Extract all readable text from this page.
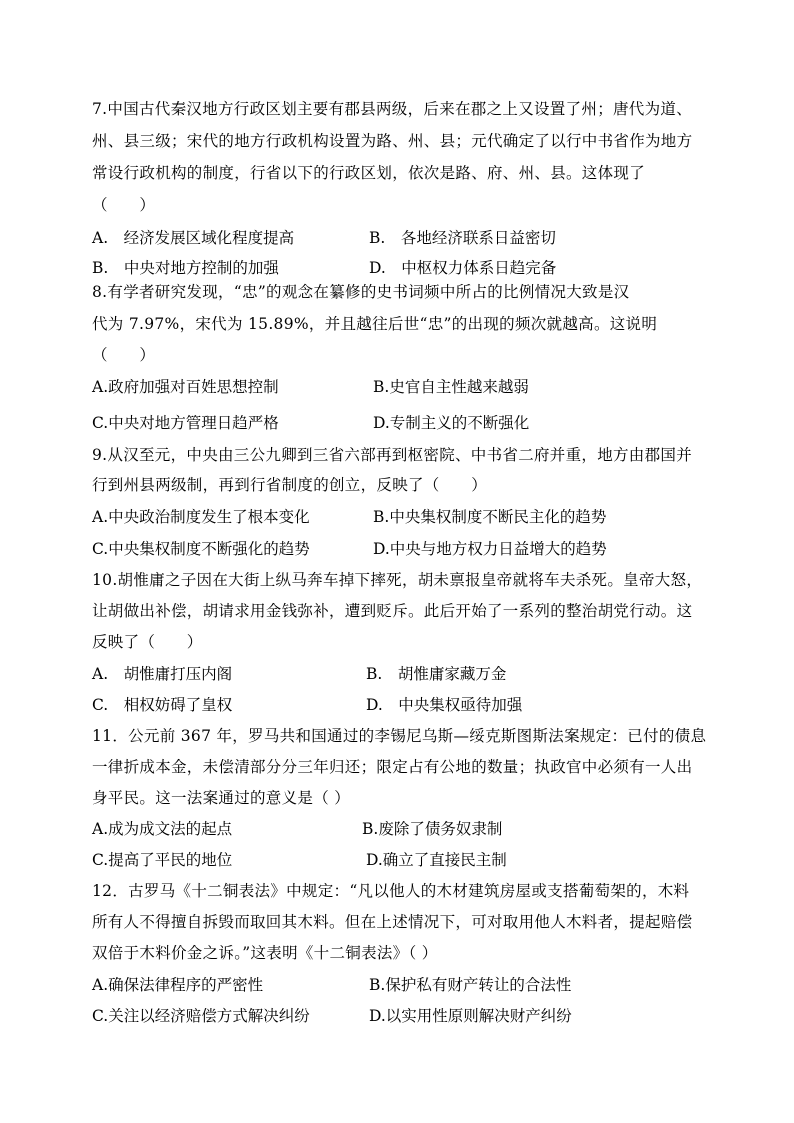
7.中国古代秦汉地方行政区划主要有郡县两级，后来在郡之上又设置了州；唐代为道、
州、县三级；宋代的地方行政机构设置为路、州、县；元代确定了以行中书省作为地方
常设行政机构的制度，行省以下的行政区划，依次是路、府、州、县。这体现了
（　　）
A.　经济发展区域化程度提高	B.　各地经济联系日益密切
B.　中央对地方控制的加强	D.　中枢权力体系日趋完备
8.有学者研究发现，“忠”的观念在纂修的史书词频中所占的比例情况大致是汉
代为 7.97%，宋代为 15.89%，并且越往后世“忠”的出现的频次就越高。这说明
（　　）
A.政府加强对百姓思想控制	B.史官自主性越来越弱
C.中央对地方管理日趋严格	D.专制主义的不断强化
9.从汉至元，中央由三公九卿到三省六部再到枢密院、中书省二府并重，地方由郡国并
行到州县两级制，再到行省制度的创立，反映了（　　）
A.中央政治制度发生了根本变化	B.中央集权制度不断民主化的趋势
C.中央集权制度不断强化的趋势	D.中央与地方权力日益增大的趋势
10.胡惟庸之子因在大街上纵马奔车掉下摔死，胡未禀报皇帝就将车夫杀死。皇帝大怒，
让胡做出补偿，胡请求用金钱弥补，遭到贬斥。此后开始了一系列的整治胡党行动。这
反映了（　　）
A.　胡惟庸打压内阁	B.　胡惟庸家藏万金
C.　相权妨碍了皇权	D.　中央集权亟待加强
11．公元前 367 年，罗马共和国通过的李锡尼乌斯—绥克斯图斯法案规定：已付的债息
一律折成本金，未偿清部分分三年归还；限定占有公地的数量；执政官中必须有一人出
身平民。这一法案通过的意义是（ ）
A.成为成文法的起点	B.废除了债务奴隶制
C.提高了平民的地位	D.确立了直接民主制
12．古罗马《十二铜表法》中规定：“凡以他人的木材建筑房屋或支搭葡萄架的，木料
所有人不得擅自拆毁而取回其木料。但在上述情况下，可对取用他人木料者，提起赔偿
双倍于木料价金之诉。”这表明《十二铜表法》（ ）
A.确保法律程序的严密性	B.保护私有财产转让的合法性
C.关注以经济赔偿方式解决纠纷	D.以实用性原则解决财产纠纷
